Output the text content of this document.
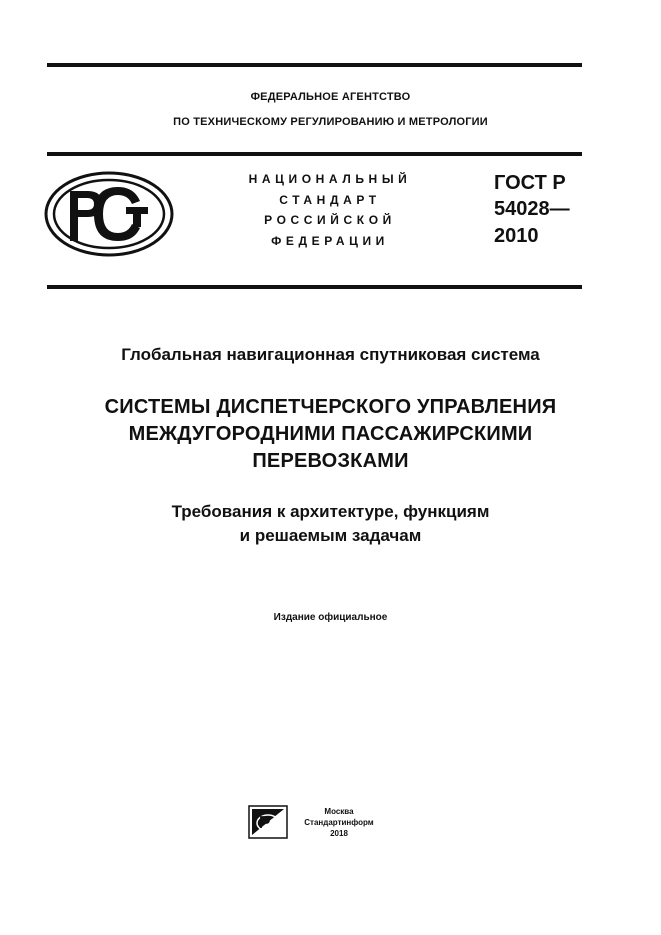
ФЕДЕРАЛЬНОЕ АГЕНТСТВО
ПО ТЕХНИЧЕСКОМУ РЕГУЛИРОВАНИЮ И МЕТРОЛОГИИ
НАЦИОНАЛЬНЫЙ
СТАНДАРТ
РОССИЙСКОЙ
ФЕДЕРАЦИИ
ГОСТ Р
54028—
2010
Глобальная навигационная спутниковая система
СИСТЕМЫ ДИСПЕТЧЕРСКОГО УПРАВЛЕНИЯ
МЕЖДУГОРОДНИМИ ПАССАЖИРСКИМИ
ПЕРЕВОЗКАМИ
Требования к архитектуре, функциям
и решаемым задачам
Издание официальное
Москва
Стандартинформ
2018
